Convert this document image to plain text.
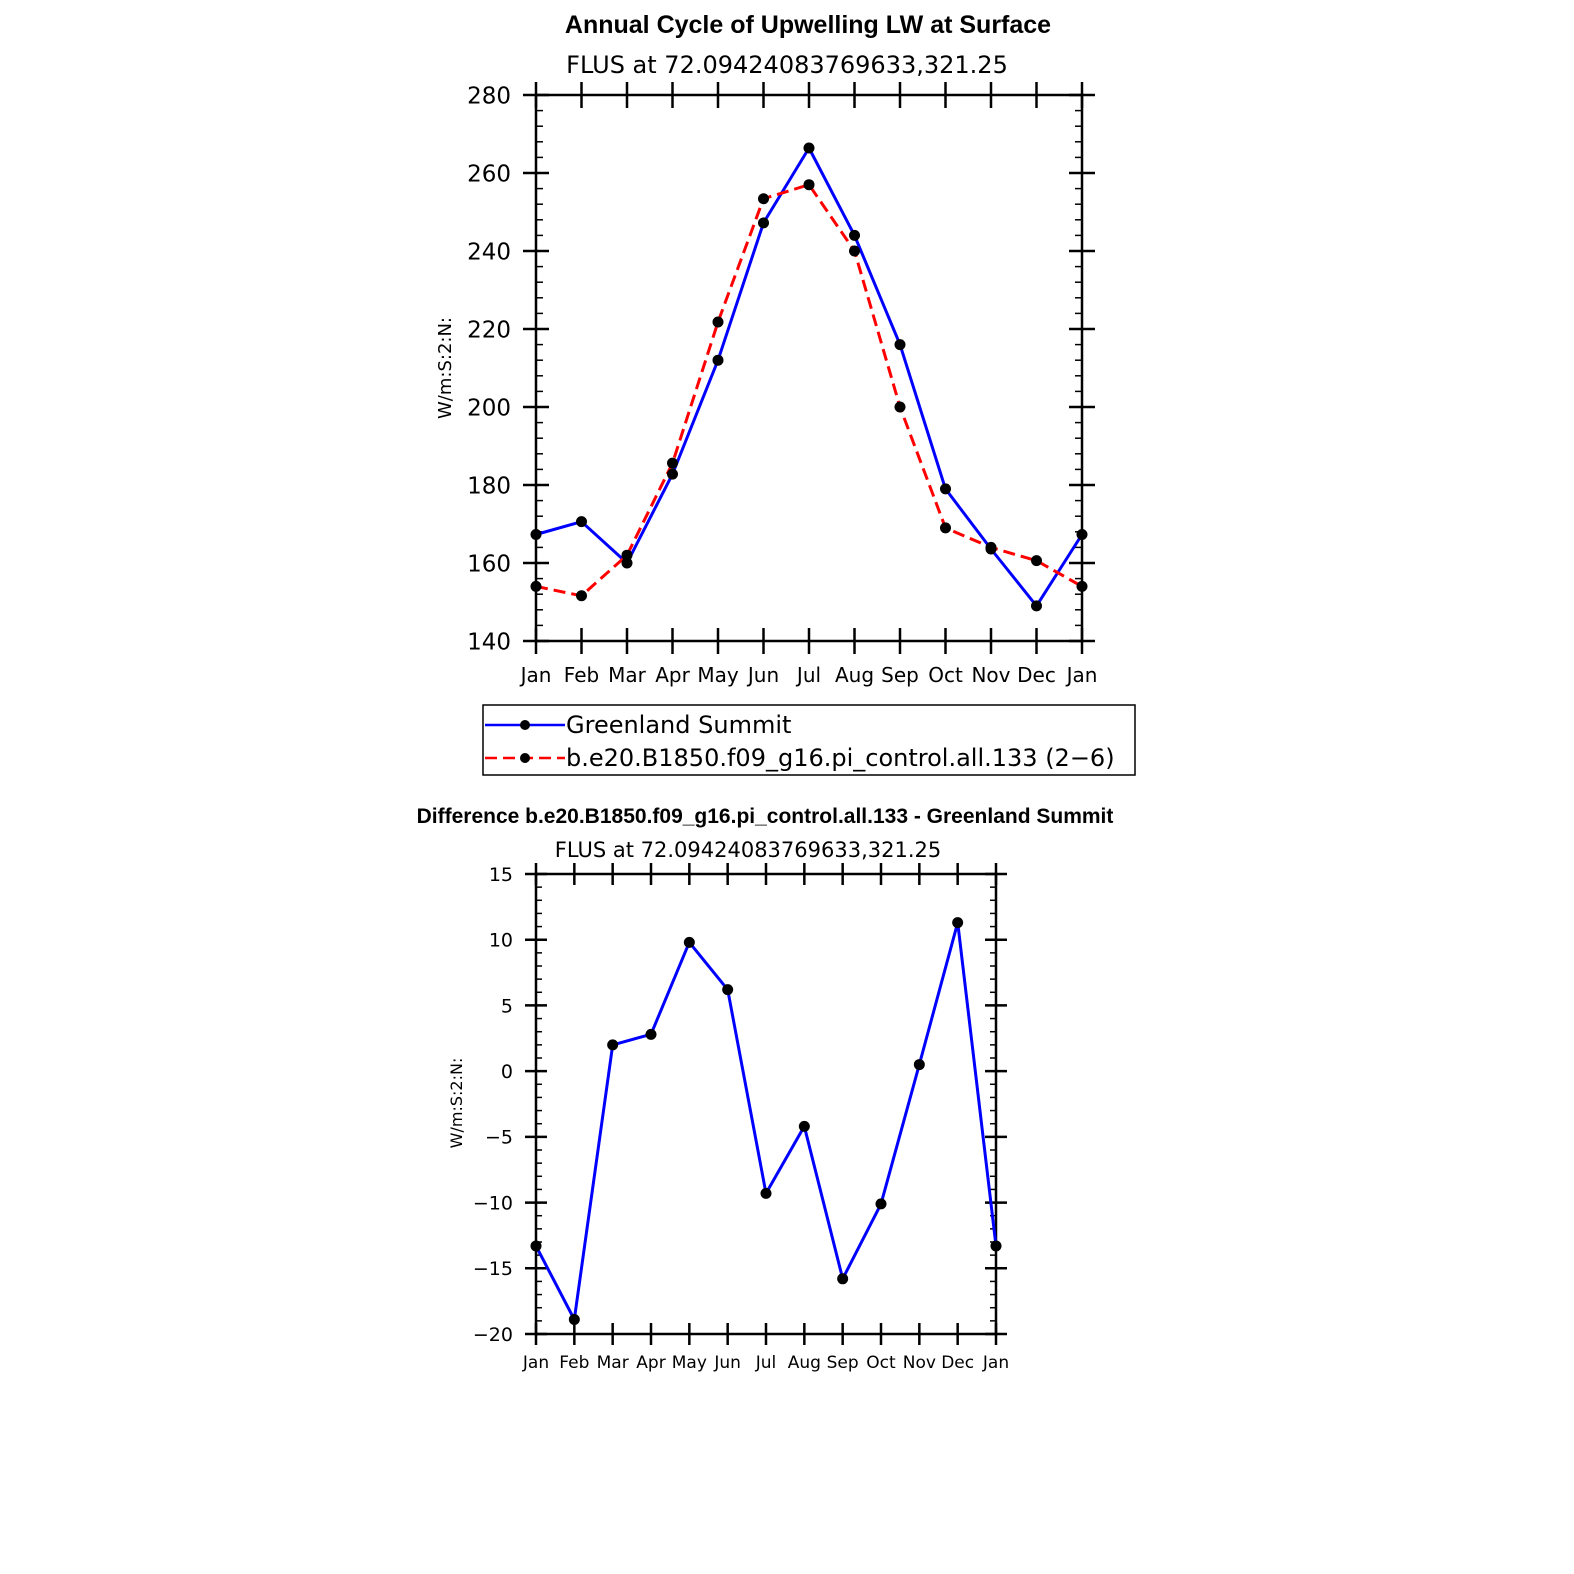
Annual Cycle of Upwelling LW at Surface
FLUS at 72.09424083769633,321.25
W/m:S:2:N:
140
160
180
200
220
240
260
280
Jan Feb Mar Apr May Jun Jul Aug Sep Oct Nov Dec Jan
Greenland Summit
b.e20.B1850.f09_g16.pi_control.all.133 (2−6)
Difference b.e20.B1850.f09_g16.pi_control.all.133 - Greenland Summit
FLUS at 72.09424083769633,321.25
W/m:S:2:N:
−20
−15
−10
−5
0
5
10
15
Jan Feb Mar Apr May Jun Jul Aug Sep Oct Nov Dec Jan
